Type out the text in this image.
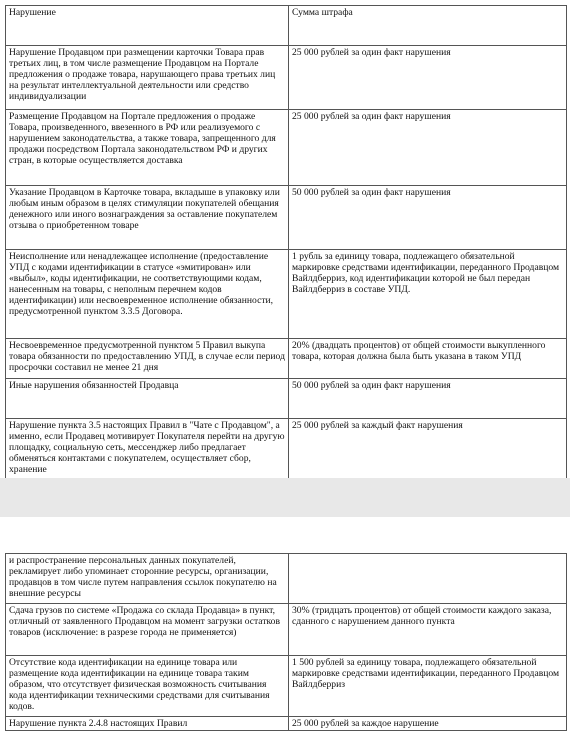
Нарушение	Сумма штрафа
Нарушение Продавцом при размещении карточки Товара прав третьих лиц, в том числе размещение Продавцом на Портале предложения о продаже товара, нарушающего права третьих лиц на результат интеллектуальной деятельности или средство индивидуализации	25 000 рублей за один факт нарушения
Размещение Продавцом на Портале предложения о продаже Товара, произведенного, ввезенного в РФ или реализуемого с нарушением законодательства, а также товара, запрещенного для продажи посредством Портала законодательством РФ и других стран, в которые осуществляется доставка	25 000 рублей за один факт нарушения
Указание Продавцом в Карточке товара, вкладыше в упаковку или любым иным образом в целях стимуляции покупателей обещания денежного или иного вознаграждения за оставление покупателем отзыва о приобретенном товаре	50 000 рублей за один факт нарушения
Неисполнение или ненадлежащее исполнение (предоставление УПД с кодами идентификации в статусе «эмитирован» или «выбыл», коды идентификации, не соответствующими кодам, нанесенным на товары, с неполным перечнем кодов идентификации) или несвоевременное исполнение обязанности, предусмотренной пунктом 3.3.5 Договора.	1 рубль за единицу товара, подлежащего обязательной маркировке средствами идентификации, переданного Продавцом Вайлдберриз, код идентификации которой не был передан Вайлдберриз в составе УПД.
Несвоевременное предусмотренной пунктом 5 Правил выкупа товара обязанности по предоставлению УПД, в случае если период просрочки составил не менее 21 дня	20% (двадцать процентов) от общей стоимости выкупленного товара, которая должна была быть указана в таком УПД
Иные нарушения обязанностей Продавца	50 000 рублей за один факт нарушения
Нарушение пункта 3.5 настоящих Правил в "Чате с Продавцом", а именно, если Продавец мотивирует Покупателя перейти на другую площадку, социальную сеть, мессенджер либо предлагает обменяться контактами с покупателем, осуществляет сбор, хранение	25 000 рублей за каждый факт нарушения
и распространение персональных данных покупателей, рекламирует либо упоминает сторонние ресурсы, организации, продавцов в том числе путем направления ссылок покупателю на внешние ресурсы	
Сдача грузов по системе «Продажа со склада Продавца» в пункт, отличный от заявленного Продавцом на момент загрузки остатков товаров (исключение: в разрезе города не применяется)	30% (тридцать процентов) от общей стоимости каждого заказа, сданного с нарушением данного пункта
Отсутствие кода идентификации на единице товара или размещение кода идентификации на единице товара таким образом, что отсутствует физическая возможность считывания кода идентификации техническими средствами для считывания кодов.	1 500 рублей за единицу товара, подлежащего обязательной маркировке средствами идентификации, переданного Продавцом Вайлдберриз
Нарушение пункта 2.4.8 настоящих Правил	25 000 рублей за каждое нарушение
